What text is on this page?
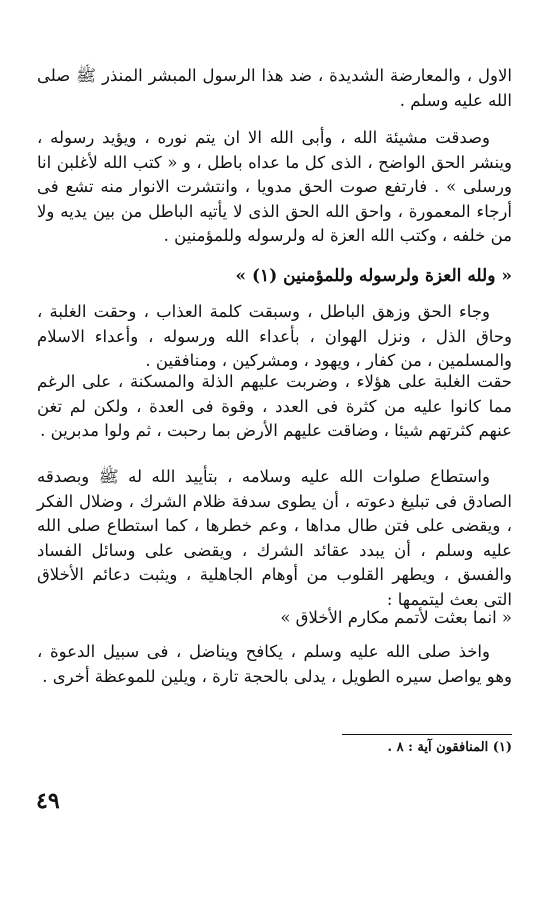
الاول ، والمعارضة الشديدة ، ضد هذا الرسول المبشر المنذر ﷺ صلى الله عليه وسلم .
وصدقت مشيئة الله ، وأبى الله الا ان يتم نوره ، ويؤيد رسوله ، وينشر الحق الواضح ، الذى كل ما عداه باطل ، و « كتب الله لأغلبن انا ورسلى » . فارتفع صوت الحق مدويا ، وانتشرت الانوار منه تشع فى أرجاء المعمورة ، واحق الله الحق الذى لا يأتيه الباطل من بين يديه ولا من خلفه ، وكتب الله العزة له ولرسوله وللمؤمنين .
« ولله العزة ولرسوله وللمؤمنين (١) »
وجاء الحق وزهق الباطل ، وسبقت كلمة العذاب ، وحقت الغلبة ، وحاق الذل ، ونزل الهوان ، بأعداء الله ورسوله ، وأعداء الاسلام والمسلمين ، من كفار ، ويهود ، ومشركين ، ومنافقين .
حقت الغلبة على هؤلاء ، وضربت عليهم الذلة والمسكنة ، على الرغم مما كانوا عليه من كثرة فى العدد ، وقوة فى العدة ، ولكن لم تغن عنهم كثرتهم شيئا ، وضاقت عليهم الأرض بما رحبت ، ثم ولوا مدبرين .
واستطاع صلوات الله عليه وسلامه ، بتأييد الله له ﷺ وبصدقه الصادق فى تبليغ دعوته ، أن يطوى سدفة ظلام الشرك ، وضلال الفكر ، ويقضى على فتن طال مداها ، وعم خطرها ، كما استطاع صلى الله عليه وسلم ، أن يبدد عقائد الشرك ، ويقضى على وسائل الفساد والفسق ، ويطهر القلوب من أوهام الجاهلية ، ويثبت دعائم الأخلاق التى بعث ليتممها :
« انما بعثت لأتمم مكارم الأخلاق »
واخذ صلى الله عليه وسلم ، يكافح ويناضل ، فى سبيل الدعوة ، وهو يواصل سيره الطويل ، يدلى بالحجة تارة ، ويلين للموعظة أخرى .
(١) المنافقون آية : ٨ .
٤٩
